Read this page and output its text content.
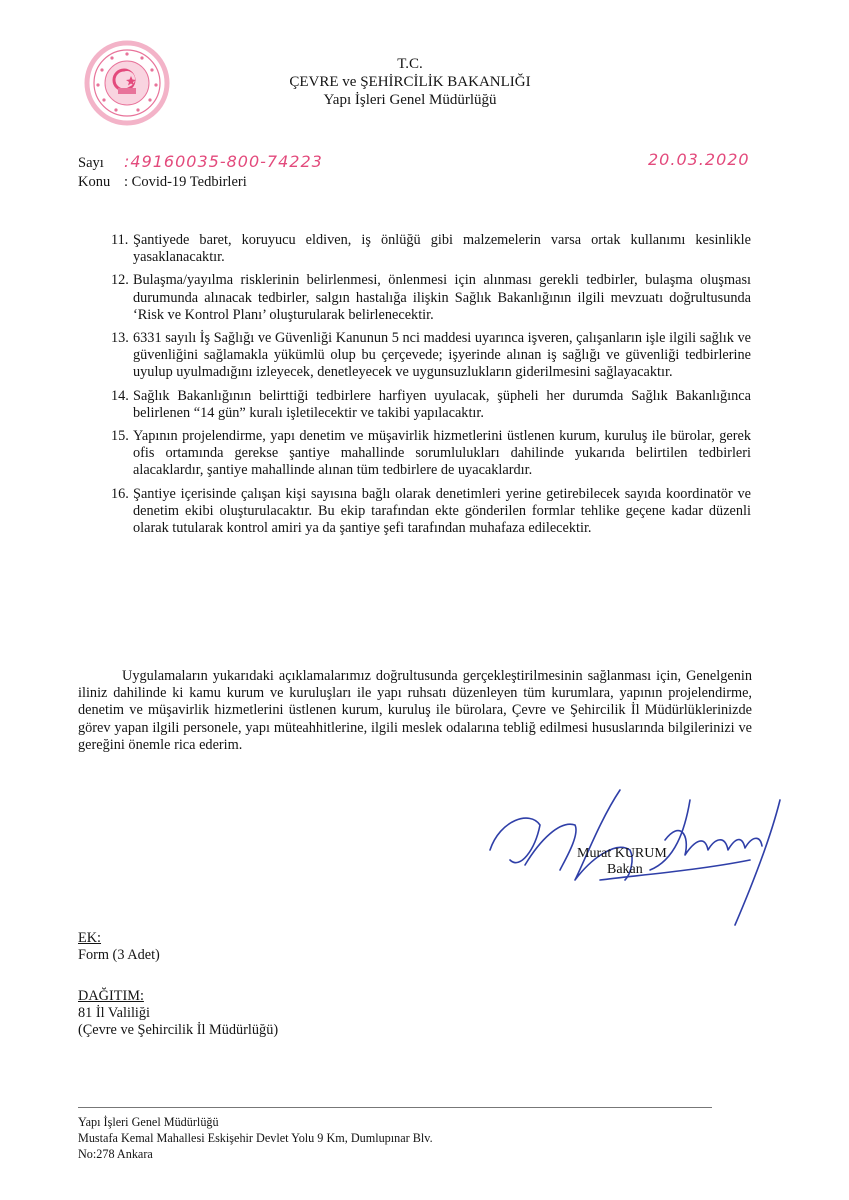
T.C.
ÇEVRE ve ŞEHİRCİLİK BAKANLIĞI
Yapı İşleri Genel Müdürlüğü
Sayı :49160035-800-74223	20.03.2020
Konu : Covid-19 Tedbirleri
11. Şantiyede baret, koruyucu eldiven, iş önlüğü gibi malzemelerin varsa ortak kullanımı kesinlikle yasaklanacaktır.
12. Bulaşma/yayılma risklerinin belirlenmesi, önlenmesi için alınması gerekli tedbirler, bulaşma oluşması durumunda alınacak tedbirler, salgın hastalığa ilişkin Sağlık Bakanlığının ilgili mevzuatı doğrultusunda ‘Risk ve Kontrol Planı’ oluşturularak belirlenecektir.
13. 6331 sayılı İş Sağlığı ve Güvenliği Kanunun 5 nci maddesi uyarınca işveren, çalışanların işle ilgili sağlık ve güvenliğini sağlamakla yükümlü olup bu çerçevede; işyerinde alınan iş sağlığı ve güvenliği tedbirlerine uyulup uyulmadığını izleyecek, denetleyecek ve uygunsuzlukların giderilmesini sağlayacaktır.
14. Sağlık Bakanlığının belirttiği tedbirlere harfiyen uyulacak, şüpheli her durumda Sağlık Bakanlığınca belirlenen “14 gün” kuralı işletilecektir ve takibi yapılacaktır.
15. Yapının projelendirme, yapı denetim ve müşavirlik hizmetlerini üstlenen kurum, kuruluş ile bürolar, gerek ofis ortamında gerekse şantiye mahallinde sorumlulukları dahilinde yukarıda belirtilen tedbirleri alacaklardır, şantiye mahallinde alınan tüm tedbirlere de uyacaklardır.
16. Şantiye içerisinde çalışan kişi sayısına bağlı olarak denetimleri yerine getirebilecek sayıda koordinatör ve denetim ekibi oluşturulacaktır. Bu ekip tarafından ekte gönderilen formlar tehlike geçene kadar düzenli olarak tutularak kontrol amiri ya da şantiye şefi tarafından muhafaza edilecektir.
Uygulamaların yukarıdaki açıklamalarımız doğrultusunda gerçekleştirilmesinin sağlanması için, Genelgenin iliniz dahilinde ki kamu kurum ve kuruluşları ile yapı ruhsatı düzenleyen tüm kurumlara, yapının projelendirme, denetim ve müşavirlik hizmetlerini üstlenen kurum, kuruluş ile bürolara, Çevre ve Şehircilik İl Müdürlüklerinizde görev yapan ilgili personele, yapı müteahhitlerine, ilgili meslek odalarına tebliğ edilmesi hususlarında bilgilerinizi ve gereğini önemle rica ederim.
Murat KURUM
Bakan
EK:
Form (3 Adet)
DAĞITIM:
81 İl Valiliği
(Çevre ve Şehircilik İl Müdürlüğü)
Yapı İşleri Genel Müdürlüğü
Mustafa Kemal Mahallesi Eskişehir Devlet Yolu 9 Km, Dumlupınar Blv.
No:278 Ankara
